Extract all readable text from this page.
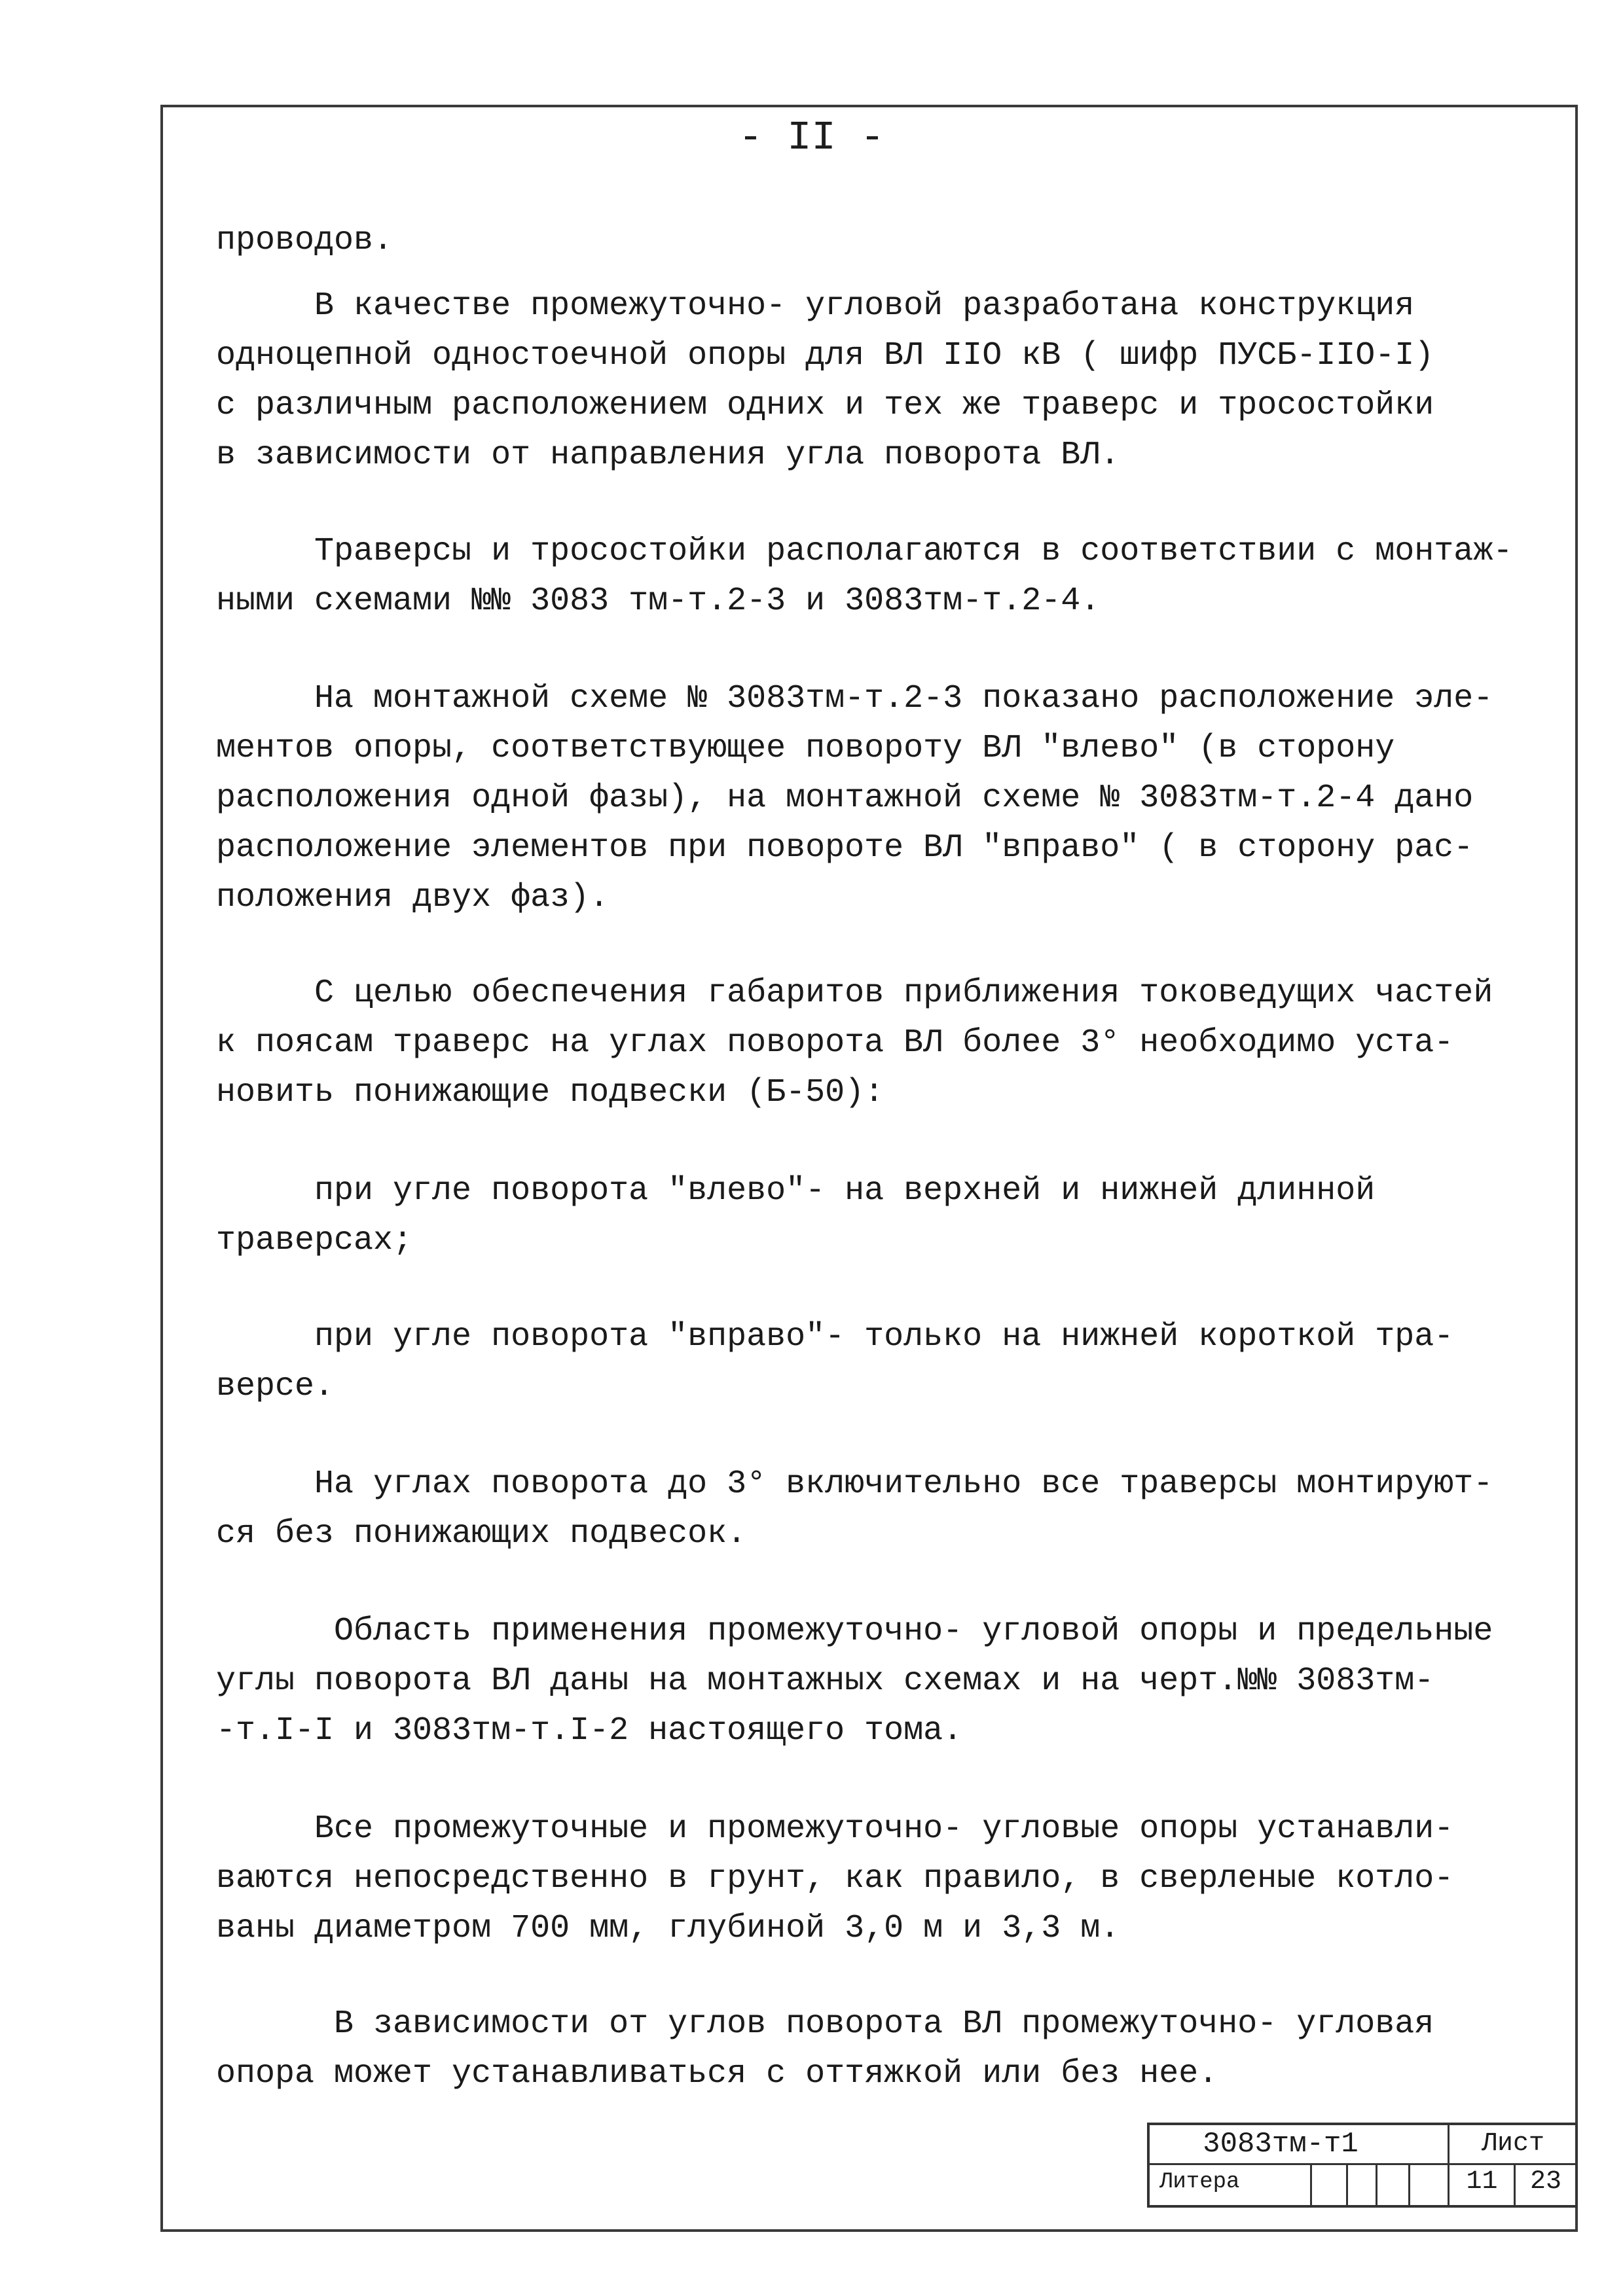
- II -
проводов.
В качестве промежуточно- угловой разработана конструкция
одноцепной одностоечной опоры для ВЛ IIO кВ ( шифр ПУСБ-IIO-I)
с различным расположением одних и тех же траверс и тросостойки
в зависимости от направления угла поворота ВЛ.
Траверсы и тросостойки располагаются в соответствии с монтаж-
ными схемами №№ 3083 тм-т.2-3 и 3083тм-т.2-4.
На монтажной схеме № 3083тм-т.2-3 показано расположение эле-
ментов опоры, соответствующее повороту ВЛ "влево" (в сторону
расположения одной фазы), на монтажной схеме № 3083тм-т.2-4 дано
расположение элементов при повороте ВЛ "вправо" ( в сторону рас-
положения двух фаз).
С целью обеспечения габаритов приближения токоведущих частей
к поясам траверс на углах поворота ВЛ более 3° необходимо уста-
новить понижающие подвески (Б-50):
при угле поворота "влево"- на верхней и нижней длинной
траверсах;
при угле поворота "вправо"- только на нижней короткой тра-
версе.
На углах поворота до 3° включительно все траверсы монтируют-
ся без понижающих подвесок.
Область применения промежуточно- угловой опоры и предельные
углы поворота ВЛ даны на монтажных схемах и на черт.№№ 3083тм-
-т.I-I и 3083тм-т.I-2 настоящего тома.
Все промежуточные и промежуточно- угловые опоры устанавли-
ваются непосредственно в грунт, как правило, в сверленые котло-
ваны диаметром 700 мм, глубиной 3,0 м и 3,3 м.
В зависимости от углов поворота ВЛ промежуточно- угловая
опора может устанавливаться с оттяжкой или без нее.
3083тм-т1	Лист
Литера	11	23
